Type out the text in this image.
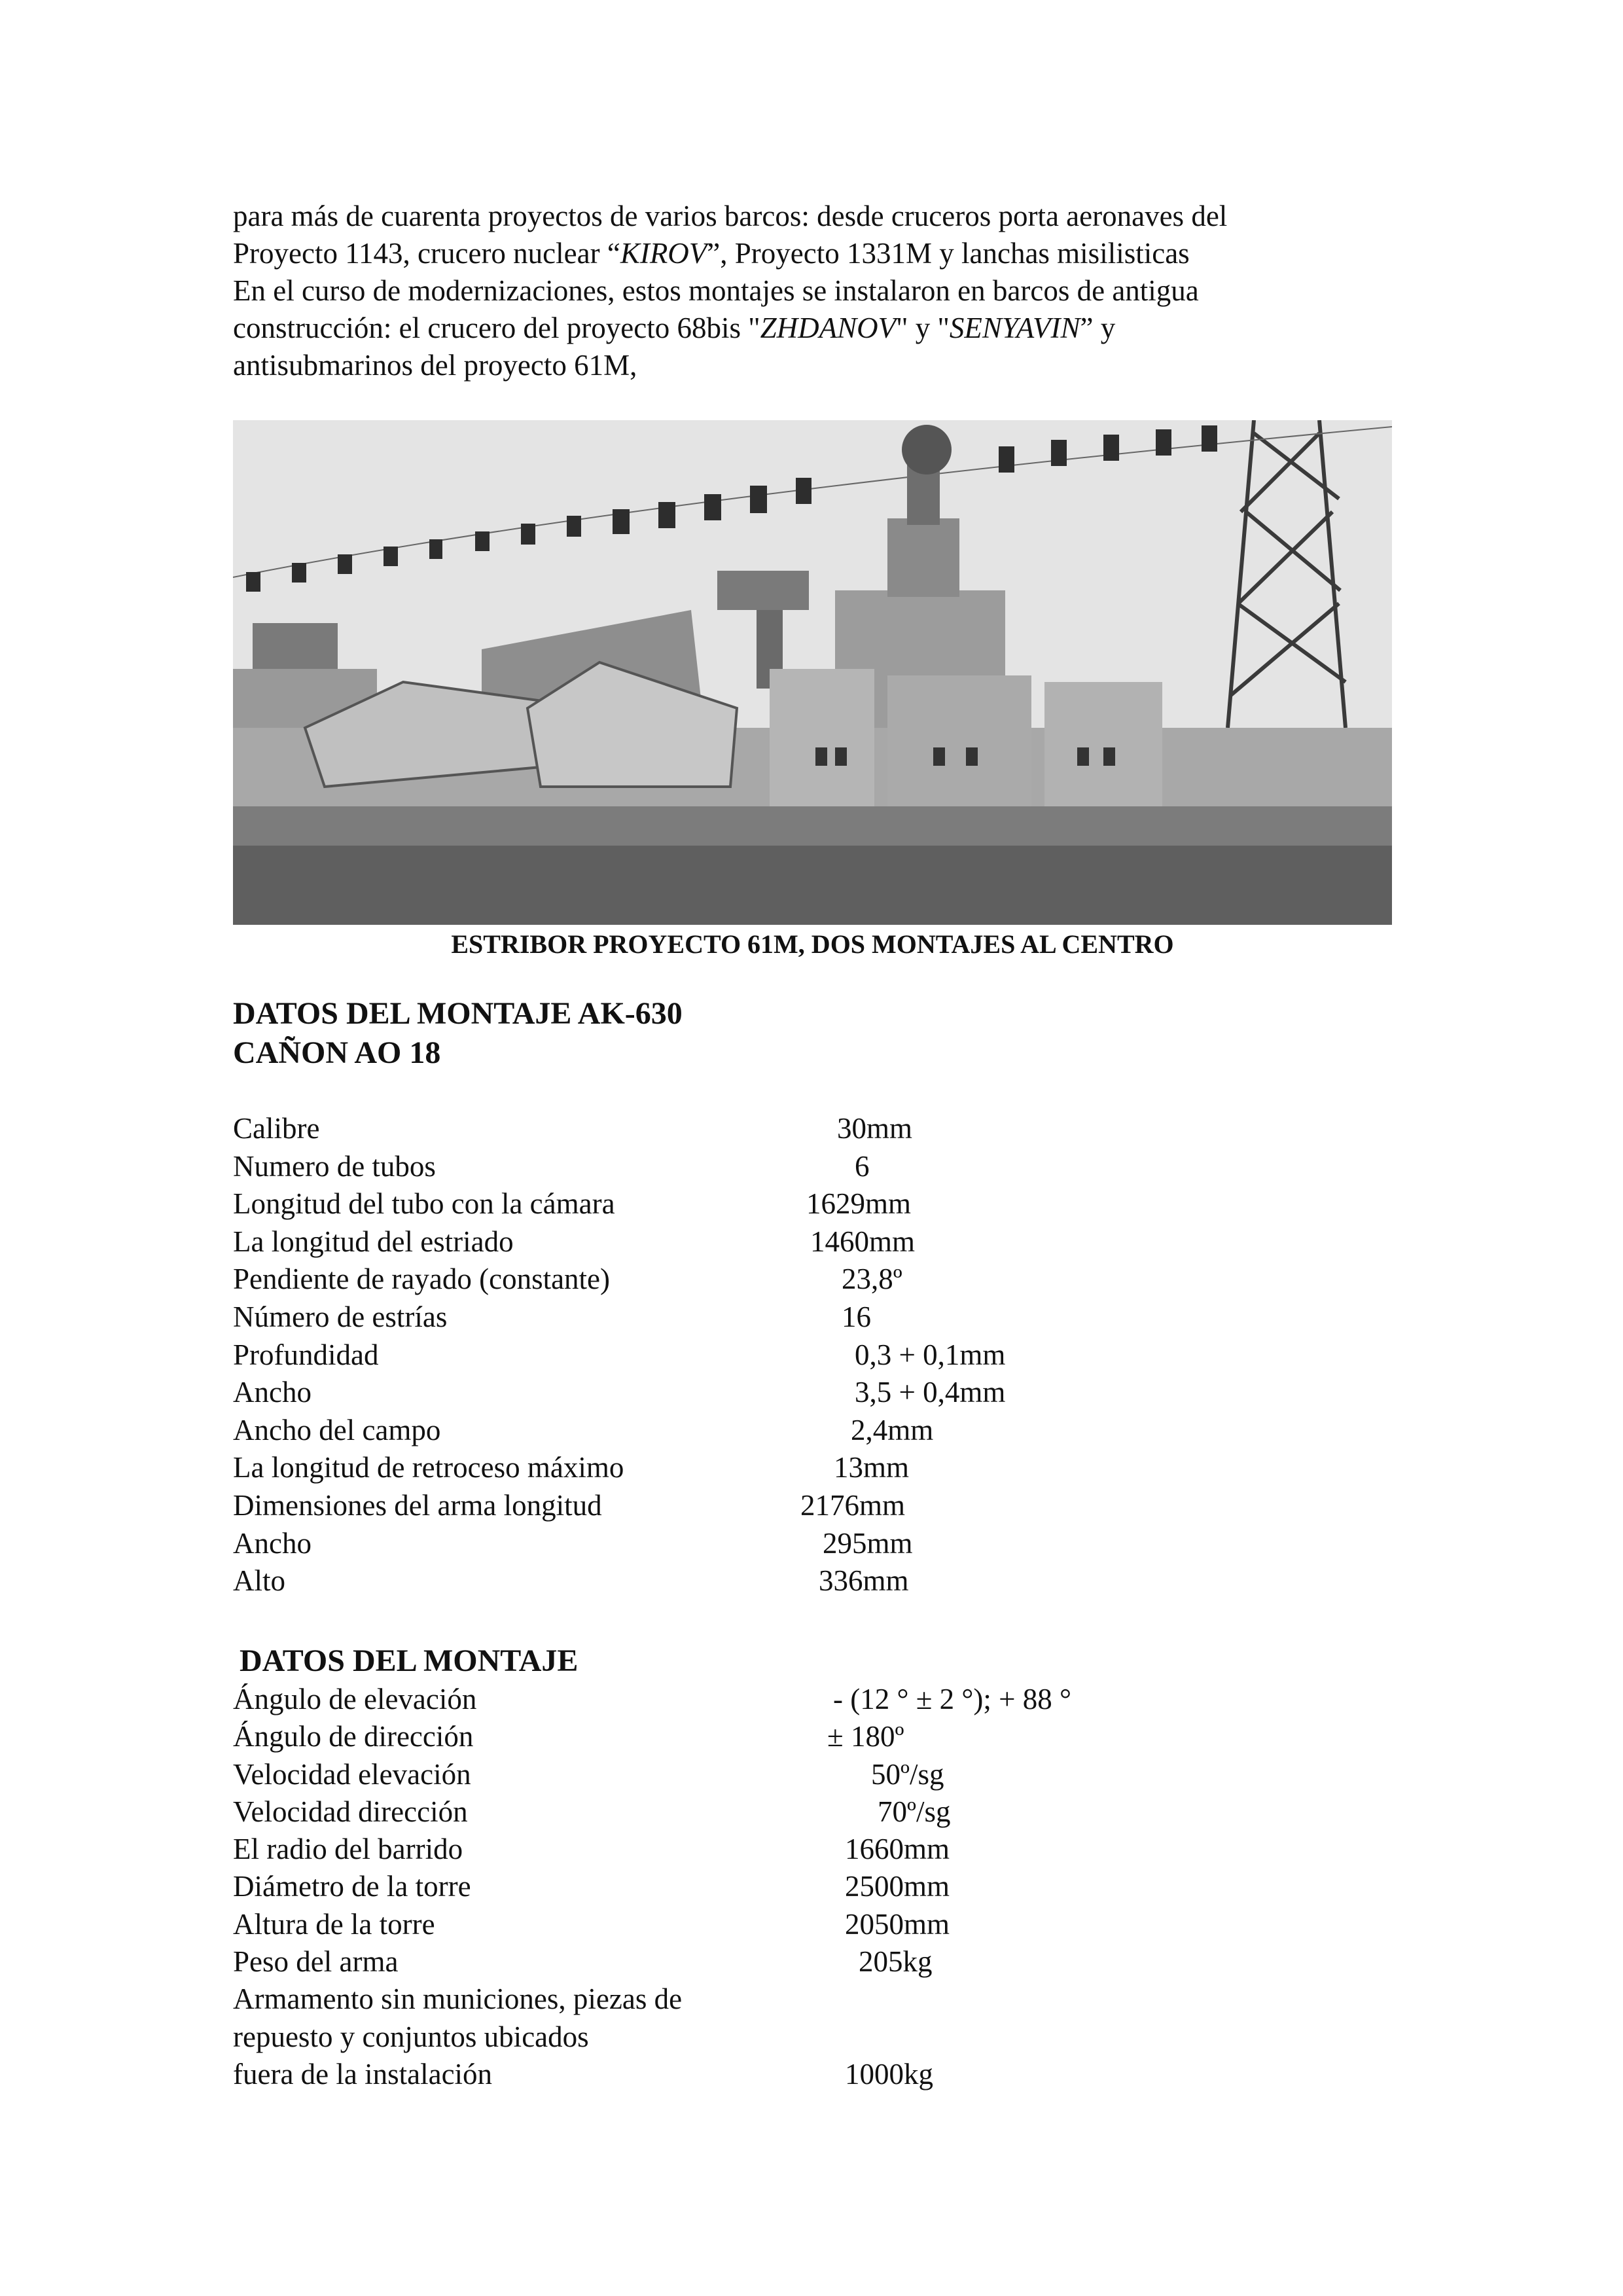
para más de cuarenta proyectos de varios barcos: desde cruceros porta aeronaves del
Proyecto 1143, crucero nuclear “KIROV”, Proyecto 1331M y lanchas misilisticas
En el curso de modernizaciones, estos montajes se instalaron en barcos de antigua
construcción: el crucero del proyecto 68bis "ZHDANOV" y "SENYAVIN” y
antisubmarinos del proyecto 61M,

ESTRIBOR PROYECTO 61M, DOS MONTAJES AL CENTRO

DATOS DEL MONTAJE AK-630

CAÑON AO 18

Calibre	30mm
Numero de tubos	6
Longitud del tubo con la cámara	1629mm
La longitud del estriado	1460mm
Pendiente de rayado (constante)	23,8º
Número de estrías	16
Profundidad	0,3 + 0,1mm
Ancho	3,5 + 0,4mm
Ancho del campo	2,4mm
La longitud de retroceso máximo	13mm
Dimensiones del arma longitud	2176mm
Ancho	295mm
Alto	336mm

DATOS DEL MONTAJE

Ángulo de elevación	- (12 ° ± 2 °); + 88 °
Ángulo de dirección	± 180º
Velocidad elevación	50º/sg
Velocidad dirección	70º/sg
El radio del barrido	1660mm
Diámetro de la torre	2500mm
Altura de la torre	2050mm
Peso del arma	205kg
Armamento sin municiones, piezas de
repuesto y conjuntos ubicados
fuera de la instalación	1000kg
